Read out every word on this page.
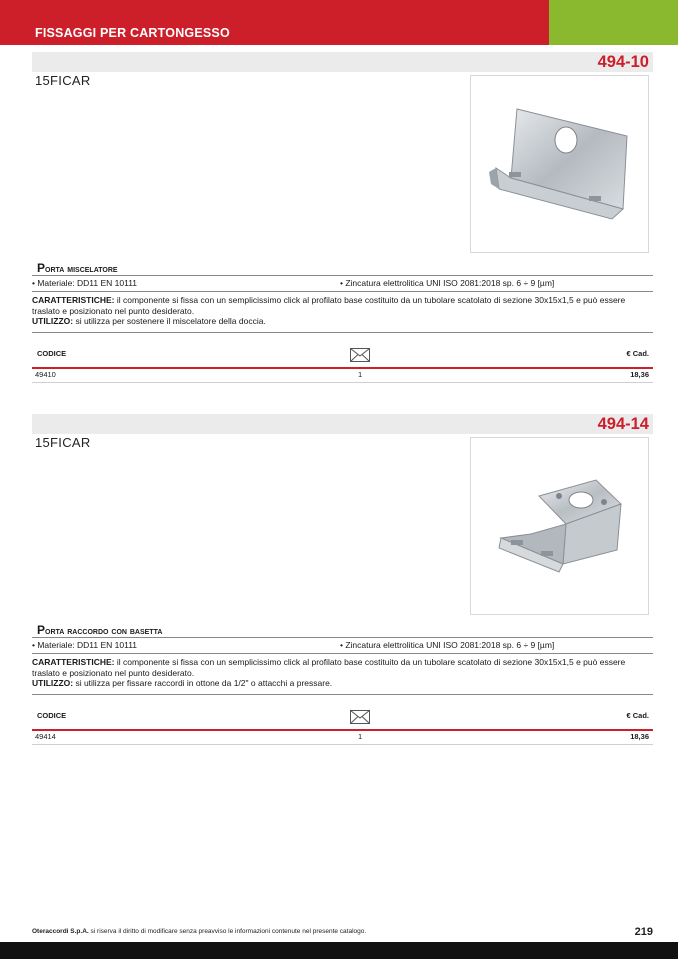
FISSAGGI PER CARTONGESSO
494-10
15FICAR
Porta miscelatore
• Materiale: DD11 EN 10111	• Zincatura elettrolitica UNI ISO 2081:2018 sp. 6 ÷ 9 [µm]
CARATTERISTICHE: il componente si fissa con un semplicissimo click al profilato base costituito da un tubolare scatolato di sezione 30x15x1,5 e può essere traslato e posizionato nel punto desiderato.
UTILIZZO: si utilizza per sostenere il miscelatore della doccia.
CODICE	€ Cad.
49410	1	18,36
494-14
15FICAR
Porta raccordo con basetta
• Materiale: DD11 EN 10111	• Zincatura elettrolitica UNI ISO 2081:2018 sp. 6 ÷ 9 [µm]
CARATTERISTICHE: il componente si fissa con un semplicissimo click al profilato base costituito da un tubolare scatolato di sezione 30x15x1,5 e può essere traslato e posizionato nel punto desiderato.
UTILIZZO: si utilizza per fissare raccordi in ottone da 1/2" o attacchi a pressare.
CODICE	€ Cad.
49414	1	18,36
Oteraccordi S.p.A. si riserva il diritto di modificare senza preavviso le informazioni contenute nel presente catalogo.	219
